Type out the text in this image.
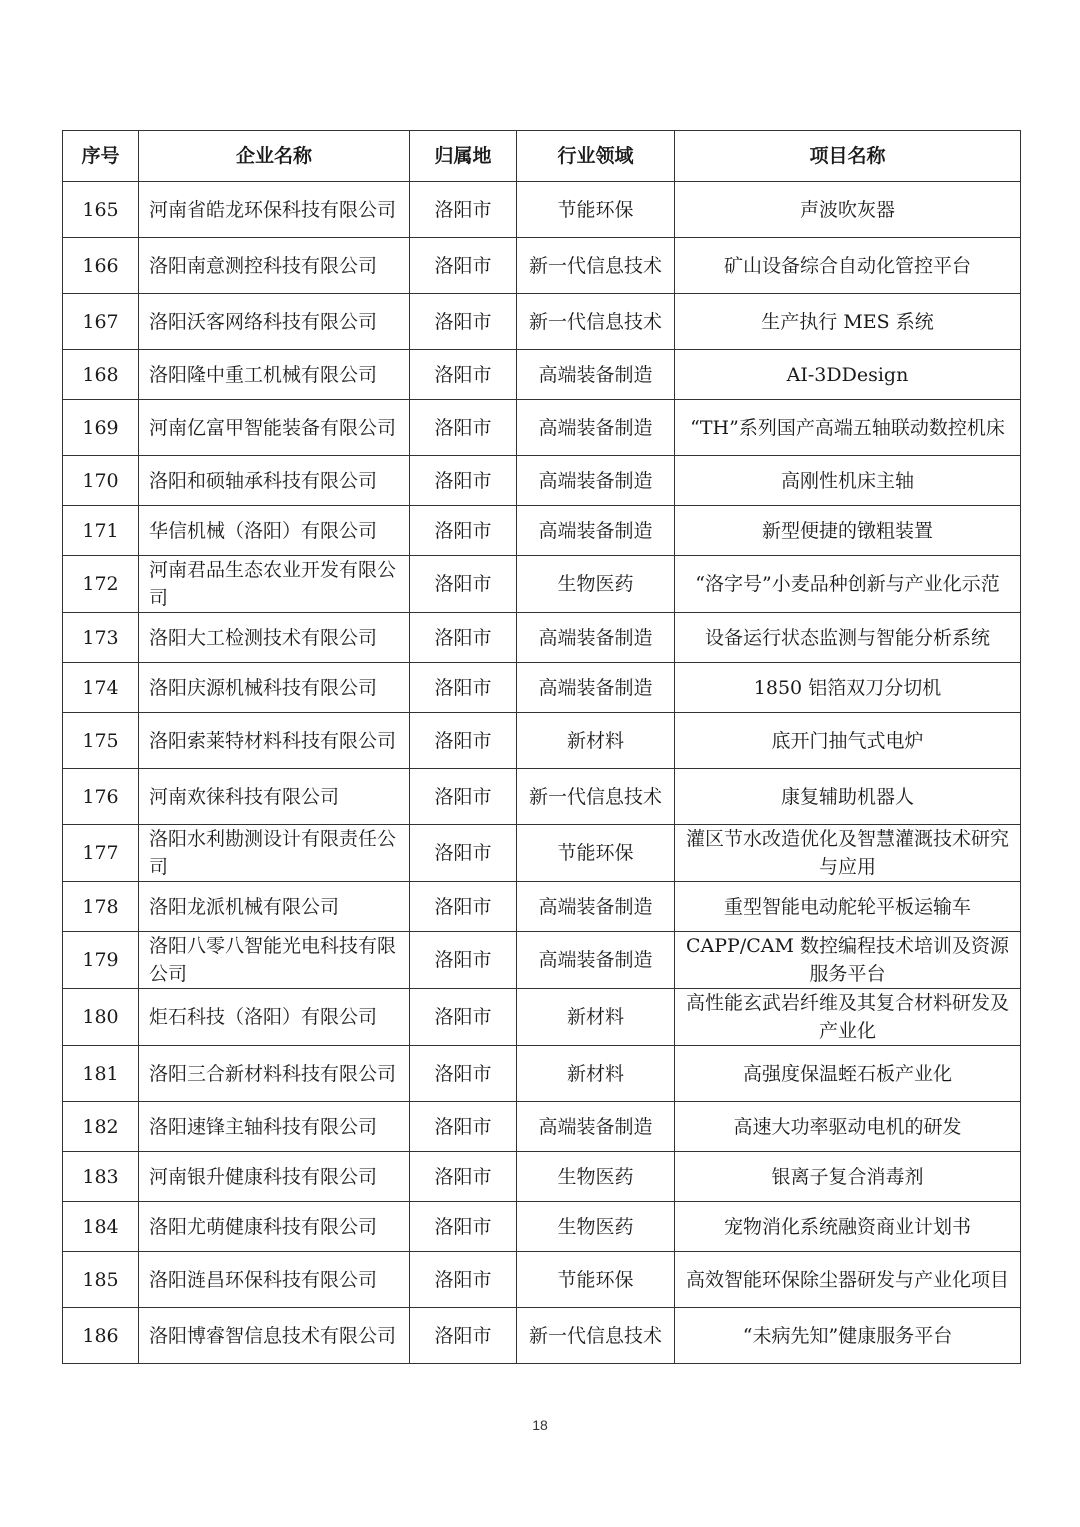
序号	企业名称	归属地	行业领域	项目名称
165	河南省皓龙环保科技有限公司	洛阳市	节能环保	声波吹灰器
166	洛阳南意测控科技有限公司	洛阳市	新一代信息技术	矿山设备综合自动化管控平台
167	洛阳沃客网络科技有限公司	洛阳市	新一代信息技术	生产执行 MES 系统
168	洛阳隆中重工机械有限公司	洛阳市	高端装备制造	AI-3DDesign
169	河南亿富甲智能装备有限公司	洛阳市	高端装备制造	“TH”系列国产高端五轴联动数控机床
170	洛阳和硕轴承科技有限公司	洛阳市	高端装备制造	高刚性机床主轴
171	华信机械（洛阳）有限公司	洛阳市	高端装备制造	新型便捷的镦粗装置
172	河南君品生态农业开发有限公司	洛阳市	生物医药	“洛字号”小麦品种创新与产业化示范
173	洛阳大工检测技术有限公司	洛阳市	高端装备制造	设备运行状态监测与智能分析系统
174	洛阳庆源机械科技有限公司	洛阳市	高端装备制造	1850 铝箔双刀分切机
175	洛阳索莱特材料科技有限公司	洛阳市	新材料	底开门抽气式电炉
176	河南欢徕科技有限公司	洛阳市	新一代信息技术	康复辅助机器人
177	洛阳水利勘测设计有限责任公司	洛阳市	节能环保	灌区节水改造优化及智慧灌溉技术研究与应用
178	洛阳龙派机械有限公司	洛阳市	高端装备制造	重型智能电动舵轮平板运输车
179	洛阳八零八智能光电科技有限公司	洛阳市	高端装备制造	CAPP/CAM 数控编程技术培训及资源服务平台
180	炬石科技（洛阳）有限公司	洛阳市	新材料	高性能玄武岩纤维及其复合材料研发及产业化
181	洛阳三合新材料科技有限公司	洛阳市	新材料	高强度保温蛭石板产业化
182	洛阳速锋主轴科技有限公司	洛阳市	高端装备制造	高速大功率驱动电机的研发
183	河南银升健康科技有限公司	洛阳市	生物医药	银离子复合消毒剂
184	洛阳尤萌健康科技有限公司	洛阳市	生物医药	宠物消化系统融资商业计划书
185	洛阳涟昌环保科技有限公司	洛阳市	节能环保	高效智能环保除尘器研发与产业化项目
186	洛阳博睿智信息技术有限公司	洛阳市	新一代信息技术	“未病先知”健康服务平台
18
